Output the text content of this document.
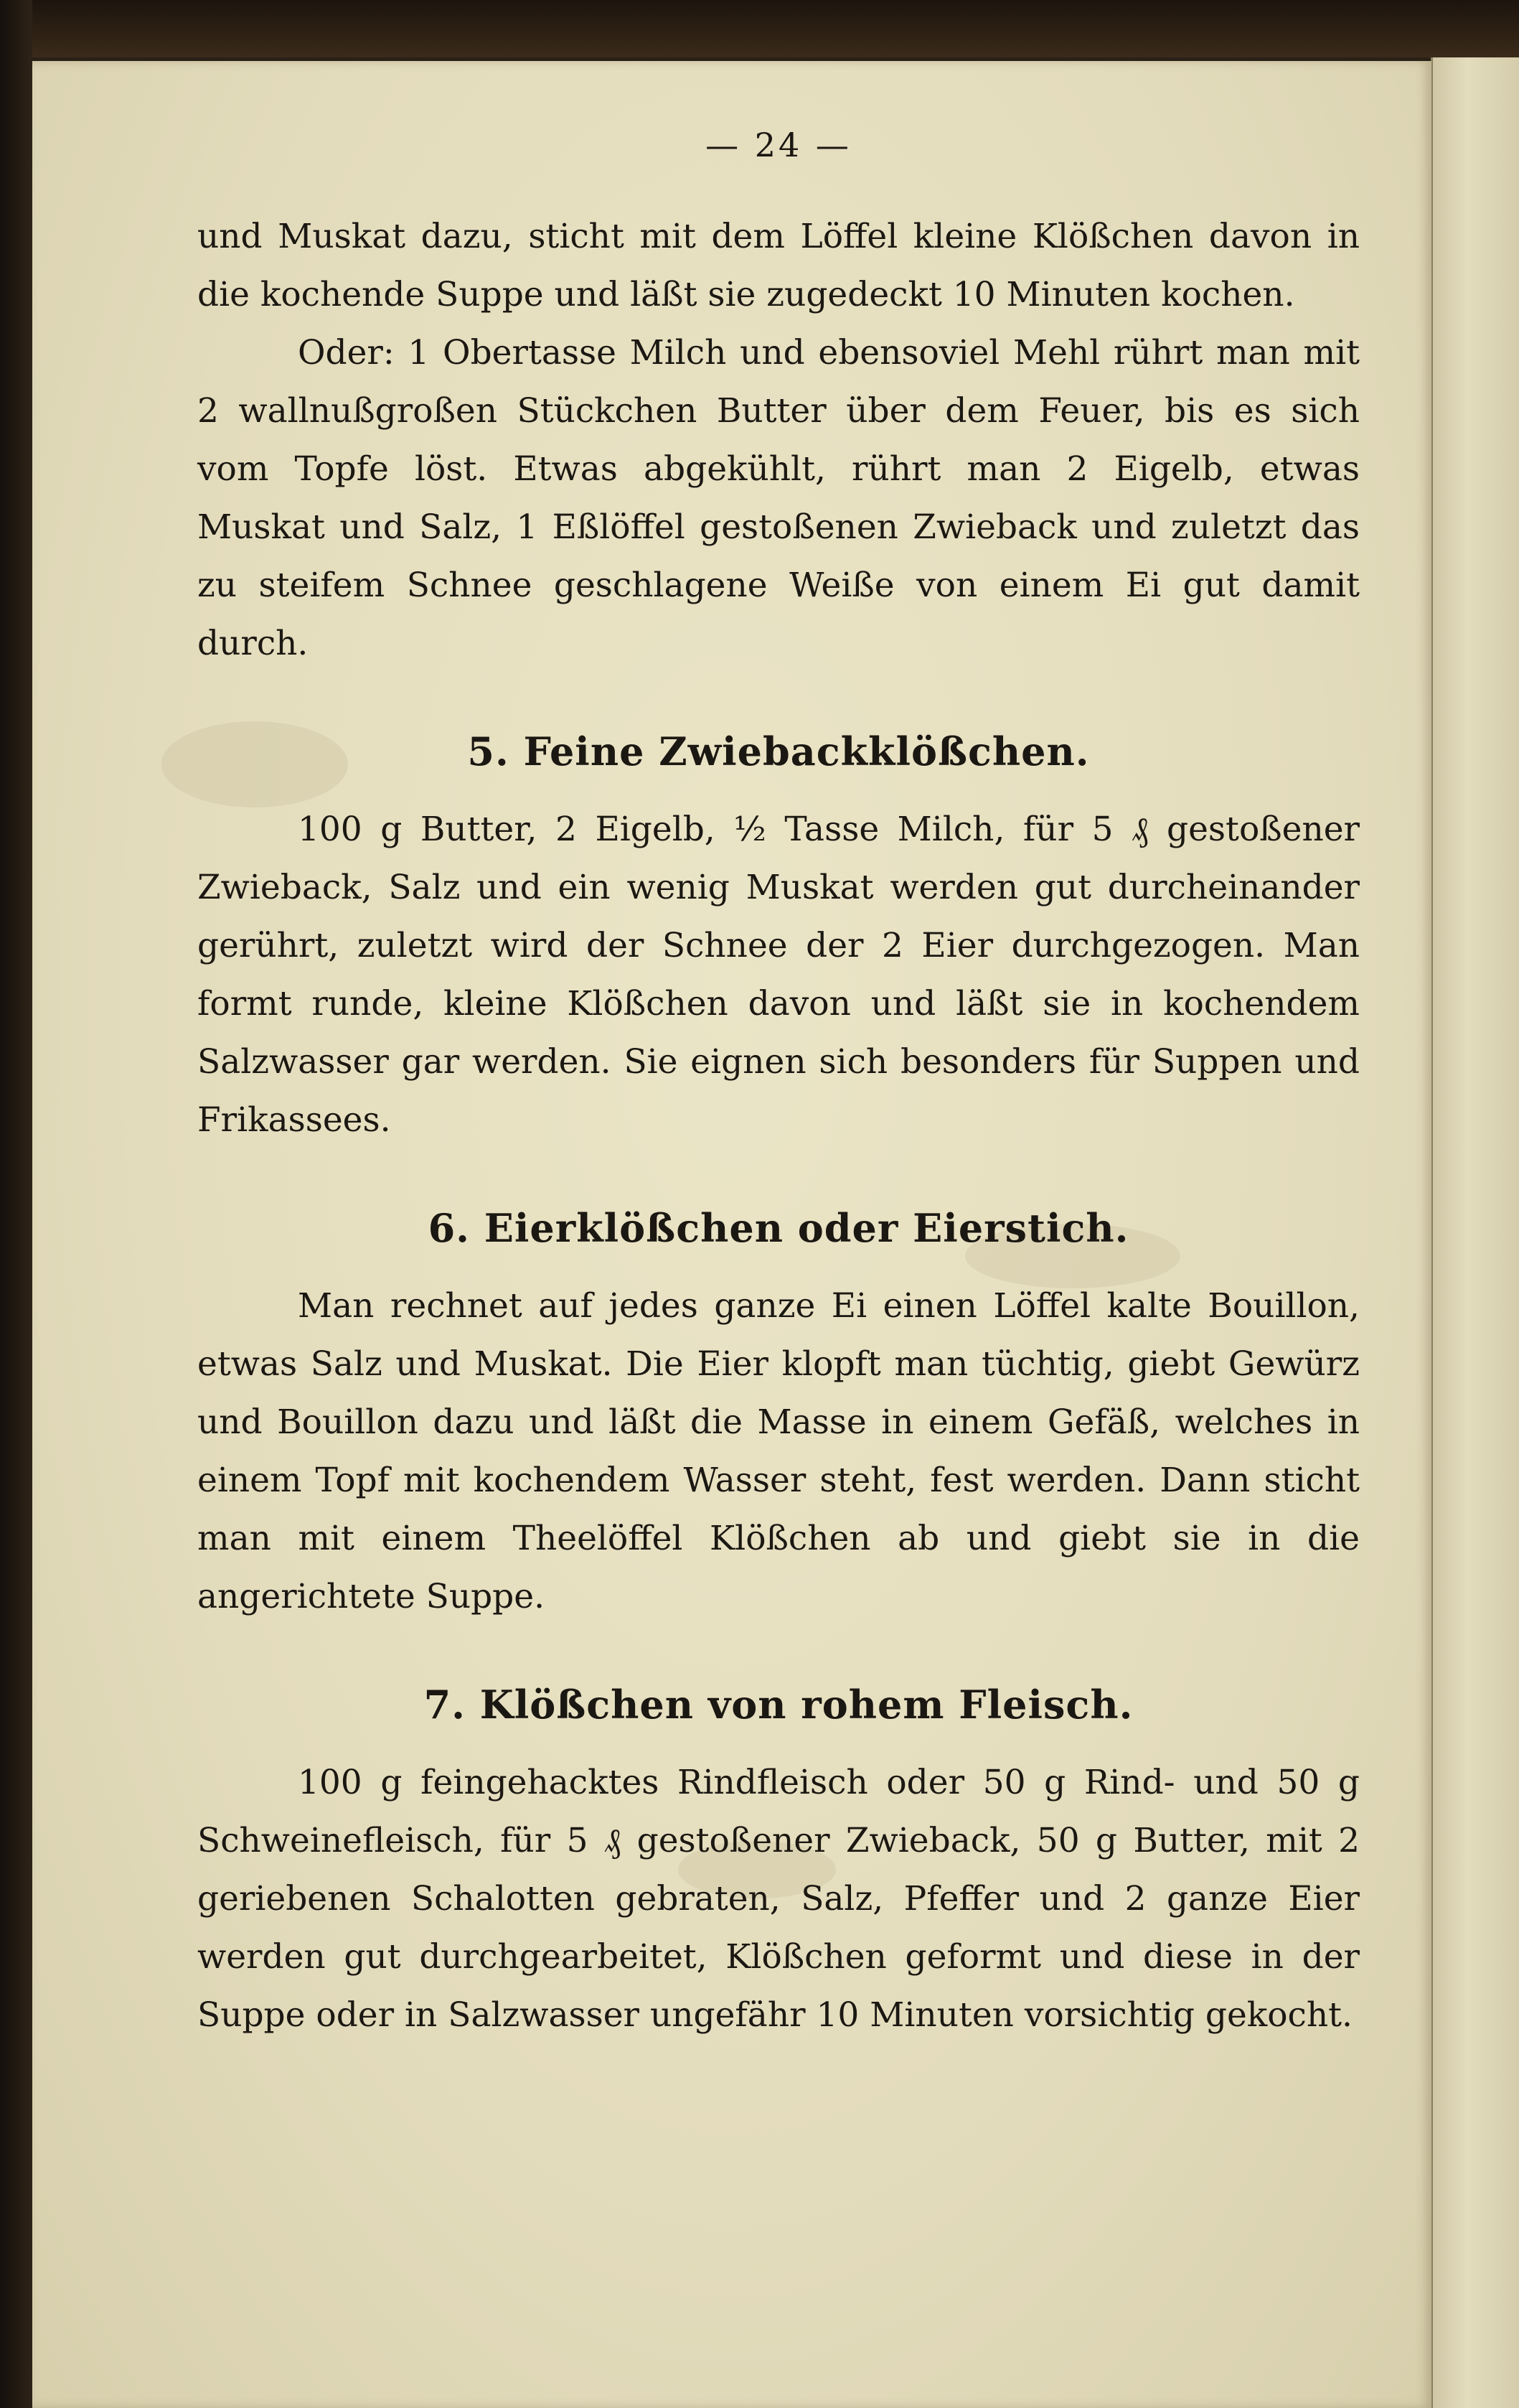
— 24 —

und Muskat dazu, sticht mit dem Löffel kleine Klößchen davon in die kochende Suppe und läßt sie zugedeckt 10 Minuten kochen.

Oder: 1 Obertasse Milch und ebensoviel Mehl rührt man mit 2 wallnußgroßen Stückchen Butter über dem Feuer, bis es sich vom Topfe löst. Etwas abgekühlt, rührt man 2 Eigelb, etwas Muskat und Salz, 1 Eßlöffel gestoßenen Zwieback und zuletzt das zu steifem Schnee geschlagene Weiße von einem Ei gut damit durch.

5. Feine Zwiebackklößchen.

100 g Butter, 2 Eigelb, ½ Tasse Milch, für 5 ₰ gestoßener Zwieback, Salz und ein wenig Muskat werden gut durcheinander gerührt, zuletzt wird der Schnee der 2 Eier durchgezogen. Man formt runde, kleine Klößchen davon und läßt sie in kochendem Salzwasser gar werden. Sie eignen sich besonders für Suppen und Frikassees.

6. Eierklößchen oder Eierstich.

Man rechnet auf jedes ganze Ei einen Löffel kalte Bouillon, etwas Salz und Muskat. Die Eier klopft man tüchtig, giebt Gewürz und Bouillon dazu und läßt die Masse in einem Gefäß, welches in einem Topf mit kochendem Wasser steht, fest werden. Dann sticht man mit einem Theelöffel Klößchen ab und giebt sie in die angerichtete Suppe.

7. Klößchen von rohem Fleisch.

100 g feingehacktes Rindfleisch oder 50 g Rind- und 50 g Schweinefleisch, für 5 ₰ gestoßener Zwieback, 50 g Butter, mit 2 geriebenen Schalotten gebraten, Salz, Pfeffer und 2 ganze Eier werden gut durchgearbeitet, Klößchen geformt und diese in der Suppe oder in Salzwasser ungefähr 10 Minuten vorsichtig gekocht.
